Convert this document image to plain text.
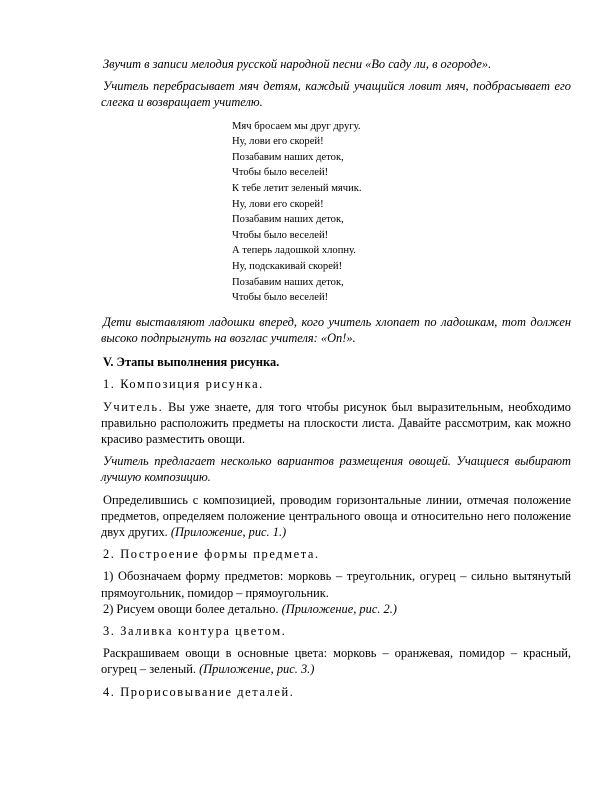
Звучит в записи мелодия русской народной песни «Во саду ли, в огороде».

Учитель перебрасывает мяч детям, каждый учащийся ловит мяч, подбрасывает его слегка и возвращает учителю.

Мяч бросаем мы друг другу.
Ну, лови его скорей!
Позабавим наших деток,
Чтобы было веселей!
К тебе летит зеленый мячик.
Ну, лови его скорей!
Позабавим наших деток,
Чтобы было веселей!
А теперь ладошкой хлопну.
Ну, подскакивай скорей!
Позабавим наших деток,
Чтобы было веселей!

Дети выставляют ладошки вперед, кого учитель хлопает по ладошкам, тот должен высоко подпрыгнуть на возглас учителя: «Оп!».

V. Этапы выполнения рисунка.

1. Композиция рисунка.

Учитель. Вы уже знаете, для того чтобы рисунок был выразительным, необходимо правильно расположить предметы на плоскости листа. Давайте рассмотрим, как можно красиво разместить овощи.

Учитель предлагает несколько вариантов размещения овощей. Учащиеся выбирают лучшую композицию.

Определившись с композицией, проводим горизонтальные линии, отмечая положение предметов, определяем положение центрального овоща и относительно него положение двух других. (Приложение, рис. 1.)

2. Построение формы предмета.

1) Обозначаем форму предметов: морковь – треугольник, огурец – сильно вытянутый прямоугольник, помидор – прямоугольник.

2) Рисуем овощи более детально. (Приложение, рис. 2.)

3. Заливка контура цветом.

Раскрашиваем овощи в основные цвета: морковь – оранжевая, помидор – красный, огурец – зеленый. (Приложение, рис. 3.)

4. Прорисовывание деталей.
